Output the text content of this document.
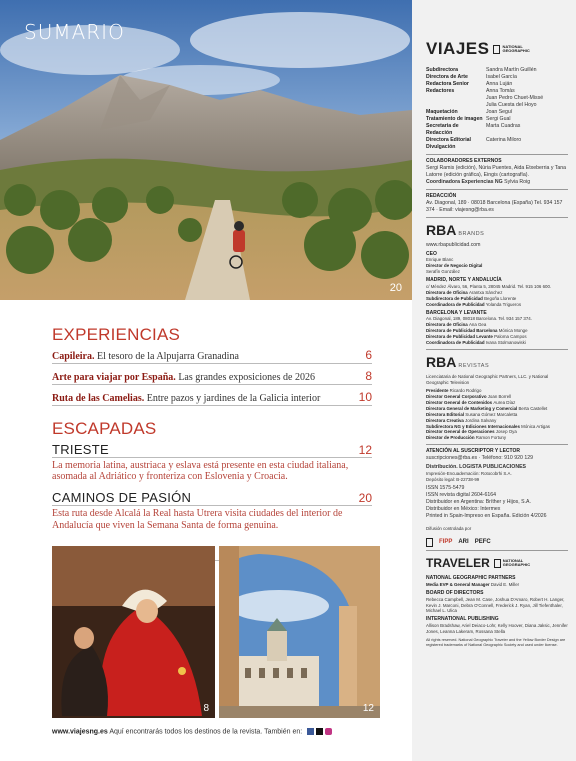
SUMARIO
20
EXPERIENCIAS
Capileira. El tesoro de la Alpujarra Granadina	6
Arte para viajar por España. Las grandes exposiciones de 2026	8
Ruta de las Camelias. Entre pazos y jardines de la Galicia interior	10
ESCAPADAS
TRIESTE	12
La memoria latina, austriaca y eslava está presente en esta ciudad italiana, asomada al Adriático y fronteriza con Eslovenia y Croacia.
CAMINOS DE PASIÓN	20
Esta ruta desde Alcalá la Real hasta Utrera visita ciudades del interior de Andalucía que viven la Semana Santa de forma genuina.
8	12
www.viajesng.es Aquí encontrarás todos los destinos de la revista. También en:
VIAJES	NATIONAL
GEOGRAPHIC
Subdirectora	Sandra Martín Guillén
Directora de Arte	Isabel García
Redactora Senior	Anna Luján
Redactores	Anna Tomàs
Juan Pedro Chuet-Missé
Julia Cuesta del Hoyo
Maquetación	Joan Seguí
Tratamiento de imagen Sergi Gual
Secretaria de Redacción
Marta Cuadras
Directora Editorial Divulgación
Caterina Miloro
COLABORADORES EXTERNOS
Sergi Ramis (edición), Núria Puentes, Aida Etxeberria y Tana Latorre (edición gráfica), Eingis (cartografía).
Coordinadora Experiencias NG Sylvia Roig
REDACCIÓN
Av. Diagonal, 189 · 08018 Barcelona (España) Tel. 934 157 374 · Email: viajesng@rba.es
RBA BRANDS
www.rbapublicidad.com
CEO
Enrique Blanc
Director de Negocio Digital
Serafín González
MADRID, NORTE Y ANDALUCÍA
c/ Méndez Álvaro, 56, Planta 5, 28045 Madrid. Tel. 915 106 600.
Directora de Oficina Arantxa Sánchez
Subdirectora de Publicidad Begoña Llorente
Coordinadora de Publicidad Yolanda Trigueros
BARCELONA Y LEVANTE
Av. Diagonal, 189, 08018 Barcelona. Tel. 934 157 374.
Directora de Oficina Ana Gea
Directora de Publicidad Barcelona Mónica Monge
Directora de Publicidad Levante Paloma Campos
Coordinadora de Publicidad Ivana Stolmanowiski
RBA REVISTAS
Licenciataria de National Geographic Partners, LLC. y National Geographic Television
Presidente Ricardo Rodrigo
Director General Corporativo Joan Borrell
Director General de Contenidos Aurea Díaz
Directora General de Marketing y Comercial Berta Castellet
Directora Editorial Susana Gómez Marcaletta
Directora Creativa Jordina Salvany
Subdirectora NG y Ediciones Internacionales Mónica Artigas
Director General de Operaciones Josep Oya
Director de Producción Ramon Fortuny
ATENCIÓN AL SUSCRIPTOR Y LECTOR
suscripciones@rba.es · Teléfono: 910 920 129
Distribución. LOGISTA PUBLICACIONES
Impresión-Encuadernación: Rotocobrhi S.A.
Depósito legal: B-22738-99
ISSN 1575-5479
ISSN revista digital 2604-6164
Distribuidor en Argentina: Bríther y Hijos, S.A.
Distribuidor en México: Intermex
Printed in Spain-Impreso en España. Edición 4/2026
Difusión controlada por
FIPP ARI PEFC
TRAVELER	NATIONAL
GEOGRAPHIC
NATIONAL GEOGRAPHIC PARTNERS
Media EVP & General Manager David E. Miller
BOARD OF DIRECTORS
Rebecca Campbell, Jean M. Case, Joshua D'Amaro, Robert H. Langer, Kevin J. Marconi, Debra O'Connell, Frederick J. Ryan, Jill Tiefenthaler, Michael L. Ulica
INTERNATIONAL PUBLISHING
Allison Bradshaw, Ariel Deiaco-Lohr, Kelly Hoover, Diana Jaksic, Jennifer Jones, Leanna Lakeram, Rossana Stella
All rights reserved. National Geographic Traveler and the Yellow Border Design are registered trademarks of National Geographic Society and used under license.
